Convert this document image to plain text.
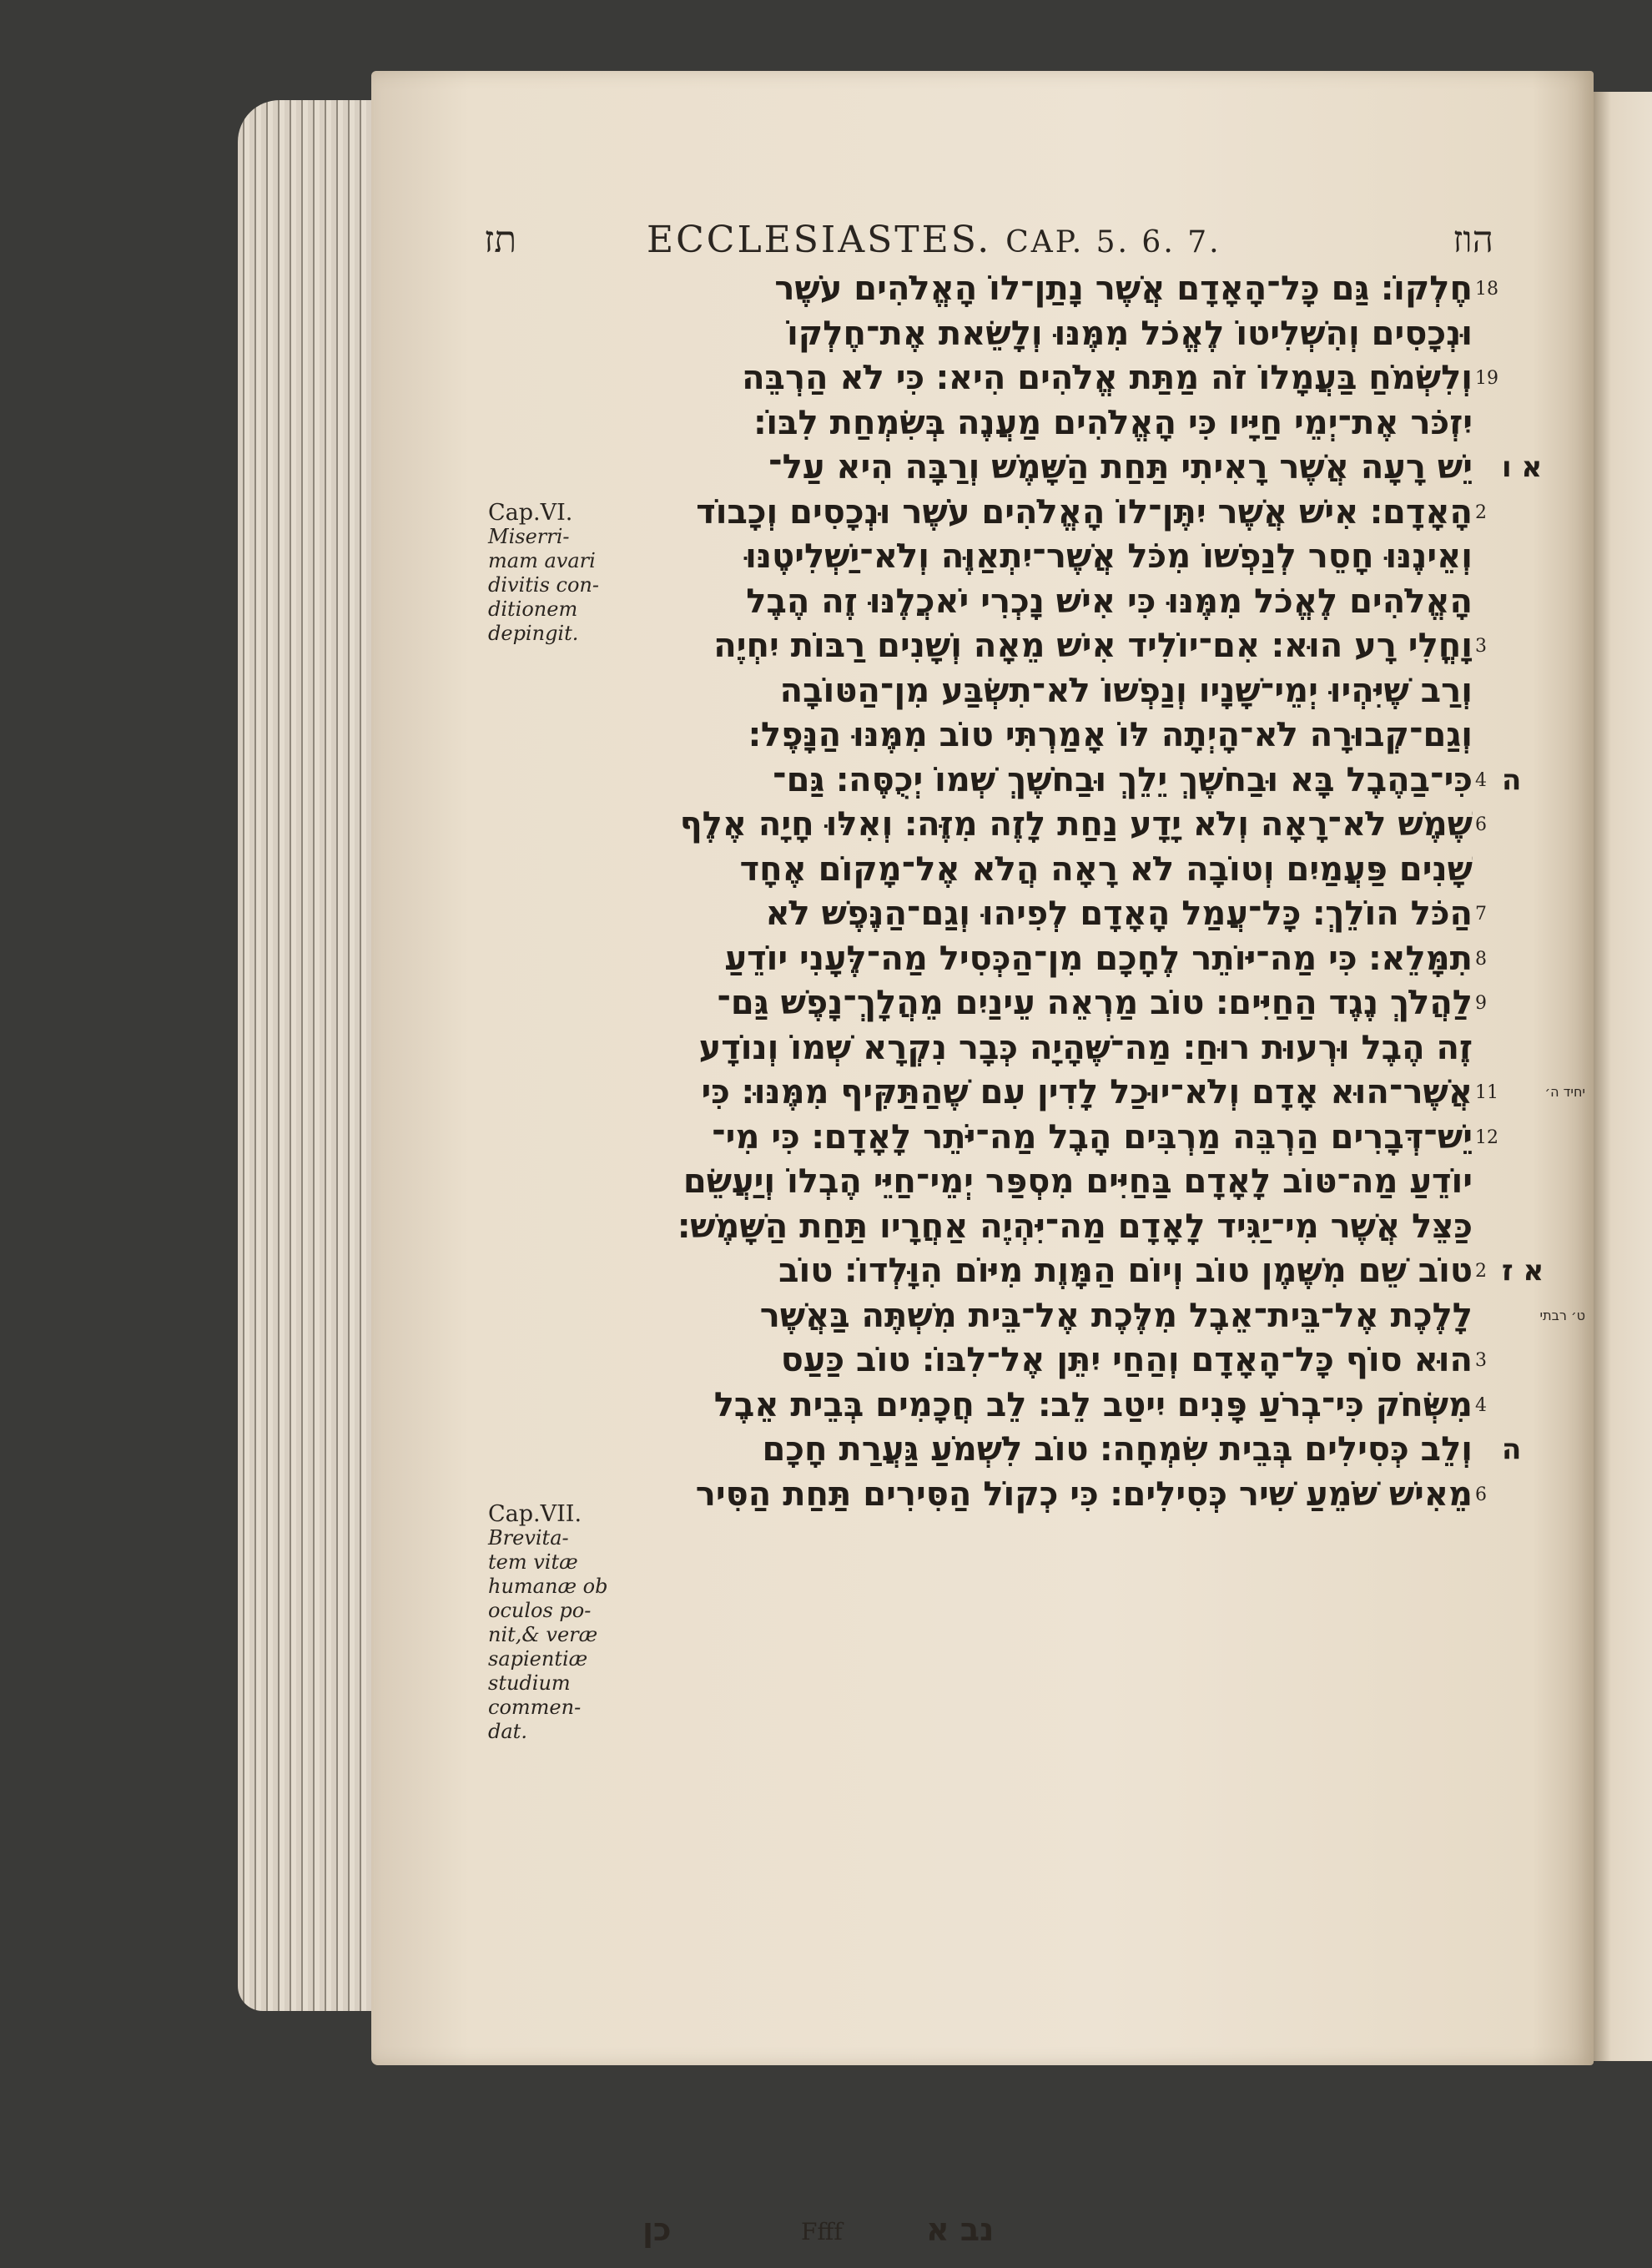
תז	ECCLESIASTES. CAP. 5. 6. 7.	הוז
Cap.VI.
Miserri-
mam avari
divitis con-
ditionem
depingit.
Cap.VII.
Brevita-
tem vitæ
humanæ ob
oculos po-
nit,& veræ
sapientiæ
studium
commen-
dat.
חֶלְקוֹ׃ גַּם כָּל־הָאָדָם אֲשֶׁר נָתַן־לוֹ הָאֱלֹהִים עֹשֶׁר 18
וּנְכָסִים וְהִשְׁלִיטוֹ לֶאֱכֹל מִמֶּנּוּ וְלָשֵׂאת אֶת־חֶלְקוֹ
וְלִשְׂמֹחַ בַּעֲמָלוֹ זֹה מַתַּת אֱלֹהִים הִיא׃ כִּי לֹא הַרְבֵּה 19
יִזְכֹּר אֶת־יְמֵי חַיָּיו כִּי הָאֱלֹהִים מַעֲנֶה בְּשִׂמְחַת לִבּוֹ׃
יֵשׁ רָעָה אֲשֶׁר רָאִיתִי תַּחַת הַשָּׁמֶשׁ וְרַבָּה הִיא עַל־ א ו
הָאָדָם׃ אִישׁ אֲשֶׁר יִתֶּן־לוֹ הָאֱלֹהִים עֹשֶׁר וּנְכָסִים וְכָבוֹד 2
וְאֵינֶנּוּ חָסֵר לְנַפְשׁוֹ מִכֹּל אֲשֶׁר־יִתְאַוֶּה וְלֹא־יַשְׁלִיטֶנּוּ
הָאֱלֹהִים לֶאֱכֹל מִמֶּנּוּ כִּי אִישׁ נָכְרִי יֹאכֲלֶנּוּ זֶה הֶבֶל
וָחֳלִי רָע הוּא׃ אִם־יוֹלִיד אִישׁ מֵאָה וְשָׁנִים רַבּוֹת יִחְיֶה 3
וְרַב שֶׁיִּהְיוּ יְמֵי־שָׁנָיו וְנַפְשׁוֹ לֹא־תִשְׂבַּע מִן־הַטּוֹבָה
וְגַם־קְבוּרָה לֹא־הָיְתָה לּוֹ אָמַרְתִּי טוֹב מִמֶּנּוּ הַנָּפֶל׃
כִּי־בַהֶבֶל בָּא וּבַחֹשֶׁךְ יֵלֵךְ וּבַחֹשֶׁךְ שְׁמוֹ יְכֻסֶּה׃ גַּם־ 4 ה
שֶׁמֶשׁ לֹא־רָאָה וְלֹא יָדָע נַחַת לָזֶה מִזֶּה׃ וְאִלּוּ חָיָה אֶלֶף 6
שָׁנִים פַּעֲמַיִם וְטוֹבָה לֹא רָאָה הֲלֹא אֶל־מָקוֹם אֶחָד
הַכֹּל הוֹלֵךְ׃ כָּל־עֲמַל הָאָדָם לְפִיהוּ וְגַם־הַנֶּפֶשׁ לֹא 7
תִמָּלֵא׃ כִּי מַה־יּוֹתֵר לֶחָכָם מִן־הַכְּסִיל מַה־לֶּעָנִי יוֹדֵעַ 8
לַהֲלֹךְ נֶגֶד הַחַיִּים׃ טוֹב מַרְאֵה עֵינַיִם מֵהֲלָךְ־נָפֶשׁ גַּם־ 9
זֶה הֶבֶל וּרְעוּת רוּחַ׃ מַה־שֶּׁהָיָה כְּבָר נִקְרָא שְׁמוֹ וְנוֹדָע
אֲשֶׁר־הוּא אָדָם וְלֹא־יוּכַל לָדִין עִם שֶׁהַתַּקִּיף מִמֶּנּוּ׃ כִּי 11	יחיד ה׳
יֵשׁ־דְּבָרִים הַרְבֵּה מַרְבִּים הָבֶל מַה־יֹּתֵר לָאָדָם׃ כִּי מִי־ 12
יוֹדֵעַ מַה־טּוֹב לָאָדָם בַּחַיִּים מִסְפַּר יְמֵי־חַיֵּי הֶבְלוֹ וְיַעֲשֵׂם
כַּצֵּל אֲשֶׁר מִי־יַגִּיד לָאָדָם מַה־יִּהְיֶה אַחֲרָיו תַּחַת הַשָּׁמֶשׁ׃
טוֹב שֵׁם מִשֶּׁמֶן טוֹב וְיוֹם הַמָּוֶת מִיּוֹם הִוָּלְדוֹ׃ טוֹב 2 א ז
לָלֶכֶת אֶל־בֵּית־אֵבֶל מִלֶּכֶת אֶל־בֵּית מִשְׁתֶּה בַּאֲשֶׁר	ט׳ רבתי
הוּא סוֹף כָּל־הָאָדָם וְהַחַי יִתֵּן אֶל־לִבּוֹ׃ טוֹב כַּעַס 3
מִשְּׂחֹק כִּי־בְרֹעַ פָּנִים יִיטַב לֵב׃ לֵב חֲכָמִים בְּבֵית אֵבֶל 4
וְלֵב כְּסִילִים בְּבֵית שִׂמְחָה׃ טוֹב לִשְׁמֹעַ גַּעֲרַת חָכָם ה
מֵאִישׁ שֹׁמֵעַ שִׁיר כְּסִילִים׃ כִּי כְקוֹל הַסִּירִים תַּחַת הַסִּיר 6
כן	Ffff	נב א
